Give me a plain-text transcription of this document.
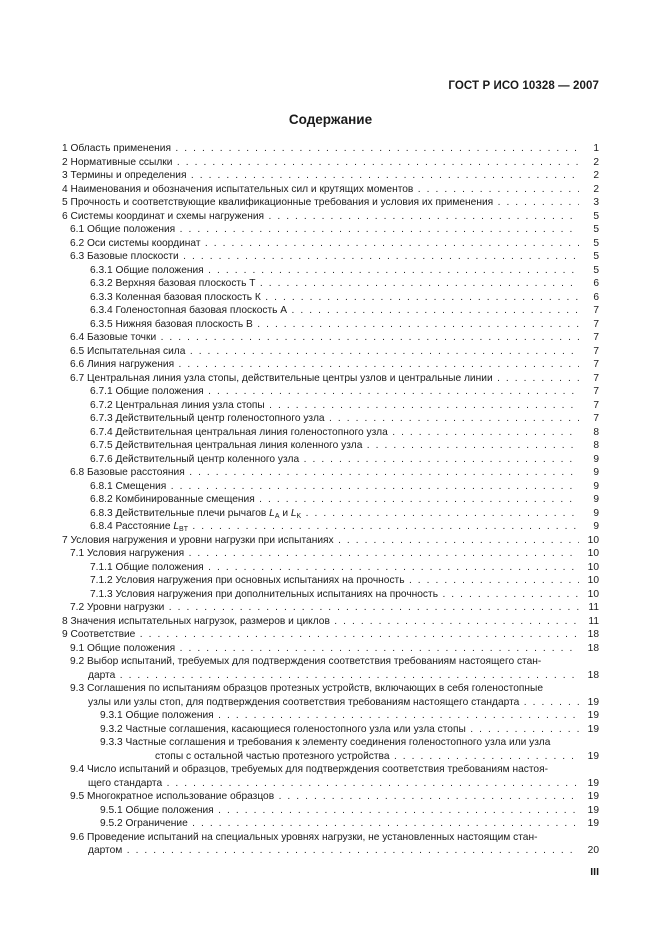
ГОСТ Р ИСО 10328 — 2007
Содержание
1 Область применения . . .	1
2 Нормативные ссылки . . .	2
3 Термины и определения . . .	2
4 Наименования и обозначения испытательных сил и крутящих моментов . . .	2
5 Прочность и соответствующие квалификационные требования и условия их применения . . .	3
6 Системы координат и схемы нагружения . . .	5
6.1 Общие положения . . .	5
6.2 Оси системы координат . . .	5
6.3 Базовые плоскости . . .	5
6.3.1 Общие положения . . .	5
6.3.2 Верхняя базовая плоскость Т . . .	6
6.3.3 Коленная базовая плоскость К . . .	6
6.3.4 Голеностопная базовая плоскость А . . .	7
6.3.5 Нижняя базовая плоскость В . . .	7
6.4 Базовые точки . . .	7
6.5 Испытательная сила . . .	7
6.6 Линия нагружения . . .	7
6.7 Центральная линия узла стопы, действительные центры узлов и центральные линии . . .	7
6.7.1 Общие положения . . .	7
6.7.2 Центральная линия узла стопы . . .	7
6.7.3 Действительный центр голеностопного узла . . .	7
6.7.4 Действительная центральная линия голеностопного узла . . .	8
6.7.5 Действительная центральная линия коленного узла . . .	8
6.7.6 Действительный центр коленного узла . . .	9
6.8 Базовые расстояния . . .	9
6.8.1 Смещения . . .	9
6.8.2 Комбинированные смещения . . .	9
6.8.3 Действительные плечи рычагов $L_A$ и $L_K$ . . .	9
6.8.4 Расстояние $L_{BT}$ . . .	9
7 Условия нагружения и уровни нагрузки при испытаниях . . .	10
7.1 Условия нагружения . . .	10
7.1.1 Общие положения . . .	10
7.1.2 Условия нагружения при основных испытаниях на прочность . . .	10
7.1.3 Условия нагружения при дополнительных испытаниях на прочность . . .	10
7.2 Уровни нагрузки . . .	11
8 Значения испытательных нагрузок, размеров и циклов . . .	11
9 Соответствие . . .	18
9.1 Общие положения . . .	18
9.2 Выбор испытаний, требуемых для подтверждения соответствия требованиям настоящего стан-
дарта . . .	18
9.3 Соглашения по испытаниям образцов протезных устройств, включающих в себя голеностопные
узлы или узлы стоп, для подтверждения соответствия требованиям настоящего стандарта . . .	19
9.3.1 Общие положения . . .	19
9.3.2 Частные соглашения, касающиеся голеностопного узла или узла стопы . . .	19
9.3.3 Частные соглашения и требования к элементу соединения голеностопного узла или узла
стопы с остальной частью протезного устройства . . .	19
9.4 Число испытаний и образцов, требуемых для подтверждения соответствия требованиям настоя-
щего стандарта . . .	19
9.5 Многократное использование образцов . . .	19
9.5.1 Общие положения . . .	19
9.5.2 Ограничение . . .	19
9.6 Проведение испытаний на специальных уровнях нагрузки, не установленных настоящим стан-
дартом . . .	20
III
